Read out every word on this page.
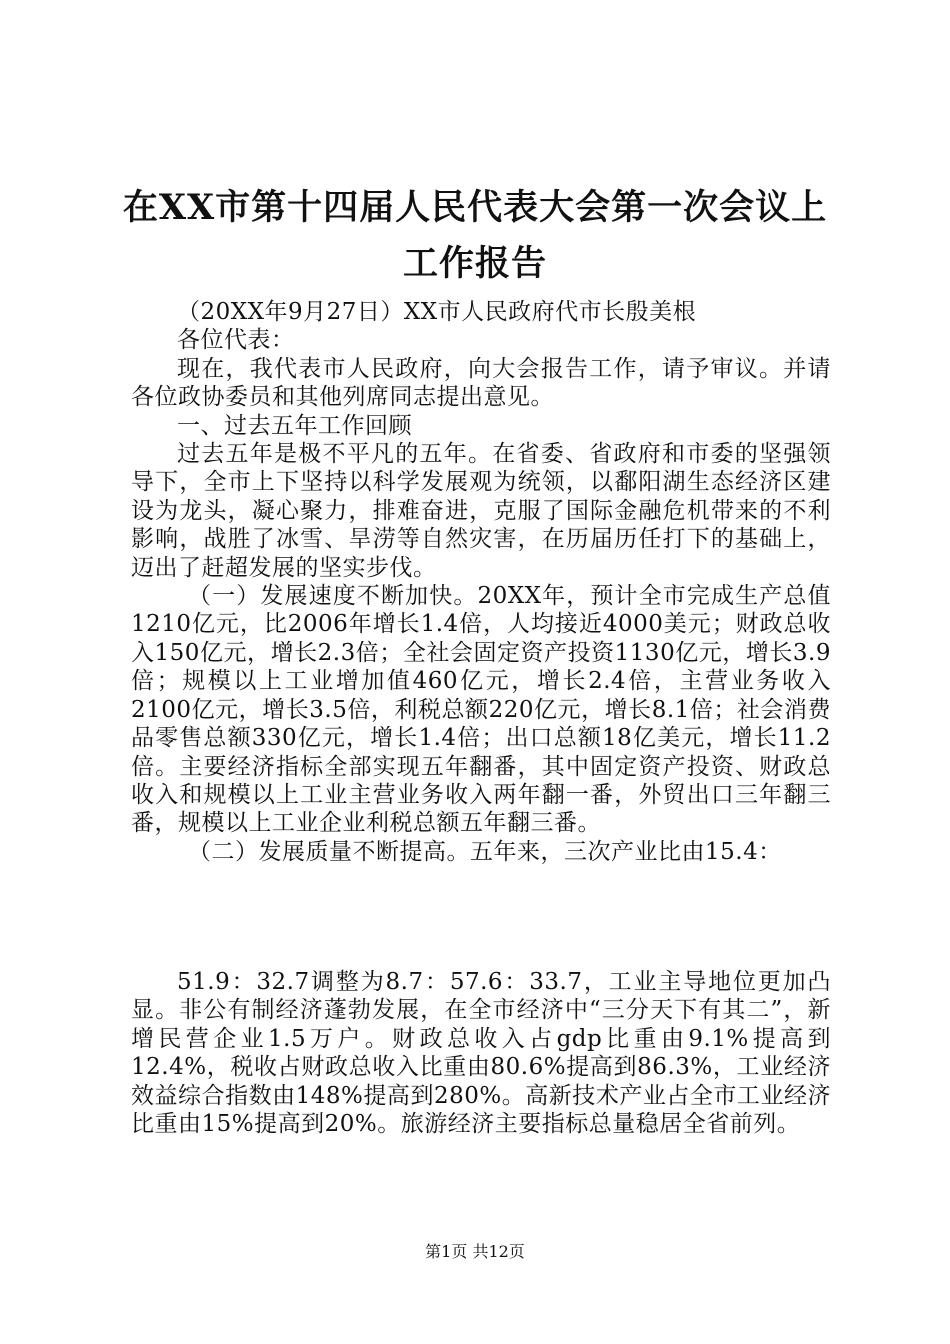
在XX市第十四届人民代表大会第一次会议上
工作报告

（20XX年9月27日）XX市人民政府代市长殷美根

各位代表：

现在，我代表市人民政府，向大会报告工作，请予审议。并请各位政协委员和其他列席同志提出意见。

一、过去五年工作回顾

过去五年是极不平凡的五年。在省委、省政府和市委的坚强领导下，全市上下坚持以科学发展观为统领，以鄱阳湖生态经济区建设为龙头，凝心聚力，排难奋进，克服了国际金融危机带来的不利影响，战胜了冰雪、旱涝等自然灾害，在历届历任打下的基础上，迈出了赶超发展的坚实步伐。

（一）发展速度不断加快。20XX年，预计全市完成生产总值1210亿元，比2006年增长1.4倍，人均接近4000美元；财政总收入150亿元，增长2.3倍；全社会固定资产投资1130亿元，增长3.9倍；规模以上工业增加值460亿元，增长2.4倍，主营业务收入2100亿元，增长3.5倍，利税总额220亿元，增长8.1倍；社会消费品零售总额330亿元，增长1.4倍；出口总额18亿美元，增长11.2倍。主要经济指标全部实现五年翻番，其中固定资产投资、财政总收入和规模以上工业主营业务收入两年翻一番，外贸出口三年翻三番，规模以上工业企业利税总额五年翻三番。

（二）发展质量不断提高。五年来，三次产业比由15.4：

51.9：32.7调整为8.7：57.6：33.7，工业主导地位更加凸显。非公有制经济蓬勃发展，在全市经济中“三分天下有其二”，新增民营企业1.5万户。财政总收入占gdp比重由9.1%提高到12.4%，税收占财政总收入比重由80.6%提高到86.3%，工业经济效益综合指数由148%提高到280%。高新技术产业占全市工业经济比重由15%提高到20%。旅游经济主要指标总量稳居全省前列。

第1页 共12页
